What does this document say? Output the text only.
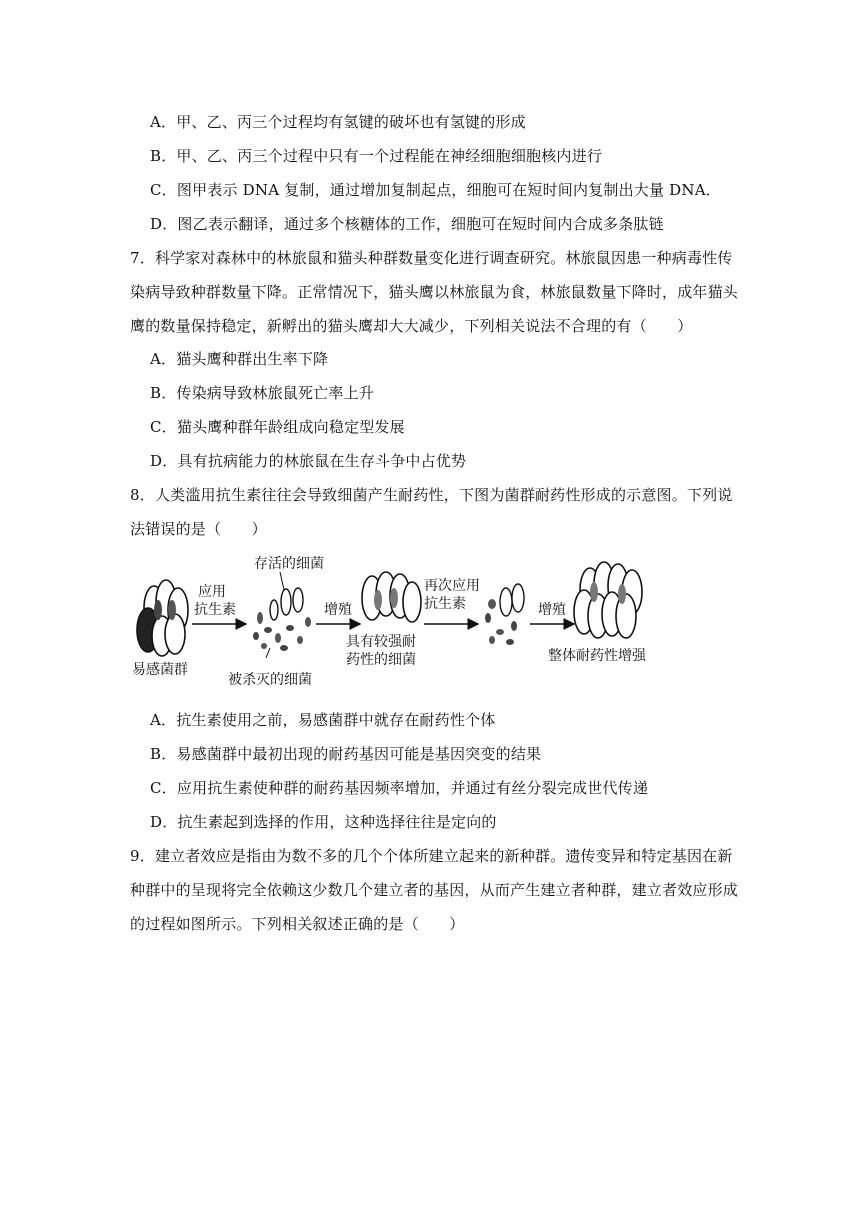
A．甲、乙、丙三个过程均有氢键的破坏也有氢键的形成
B．甲、乙、丙三个过程中只有一个过程能在神经细胞细胞核内进行
C．图甲表示 DNA 复制，通过增加复制起点，细胞可在短时间内复制出大量 DNA．
D．图乙表示翻译，通过多个核糖体的工作，细胞可在短时间内合成多条肽链
7．科学家对森林中的林旅鼠和猫头种群数量变化进行调查研究。林旅鼠因患一种病毒性传
染病导致种群数量下降。正常情况下，猫头鹰以林旅鼠为食，林旅鼠数量下降时，成年猫头
鹰的数量保持稳定，新孵出的猫头鹰却大大减少，下列相关说法不合理的有（　　）
A．猫头鹰种群出生率下降
B．传染病导致林旅鼠死亡率上升
C．猫头鹰种群年龄组成向稳定型发展
D．具有抗病能力的林旅鼠在生存斗争中占优势
8．人类滥用抗生素往往会导致细菌产生耐药性，下图为菌群耐药性形成的示意图。下列说
法错误的是（　　）
易感菌群
应用
抗生素
存活的细菌
被杀灭的细菌
增殖
具有较强耐
药性的细菌
再次应用
抗生素	增殖
整体耐药性增强
A．抗生素使用之前，易感菌群中就存在耐药性个体
B．易感菌群中最初出现的耐药基因可能是基因突变的结果
C．应用抗生素使种群的耐药基因频率增加，并通过有丝分裂完成世代传递
D．抗生素起到选择的作用，这种选择往往是定向的
9．建立者效应是指由为数不多的几个个体所建立起来的新种群。遗传变异和特定基因在新
种群中的呈现将完全依赖这少数几个建立者的基因，从而产生建立者种群，建立者效应形成
的过程如图所示。下列相关叙述正确的是（　　）
